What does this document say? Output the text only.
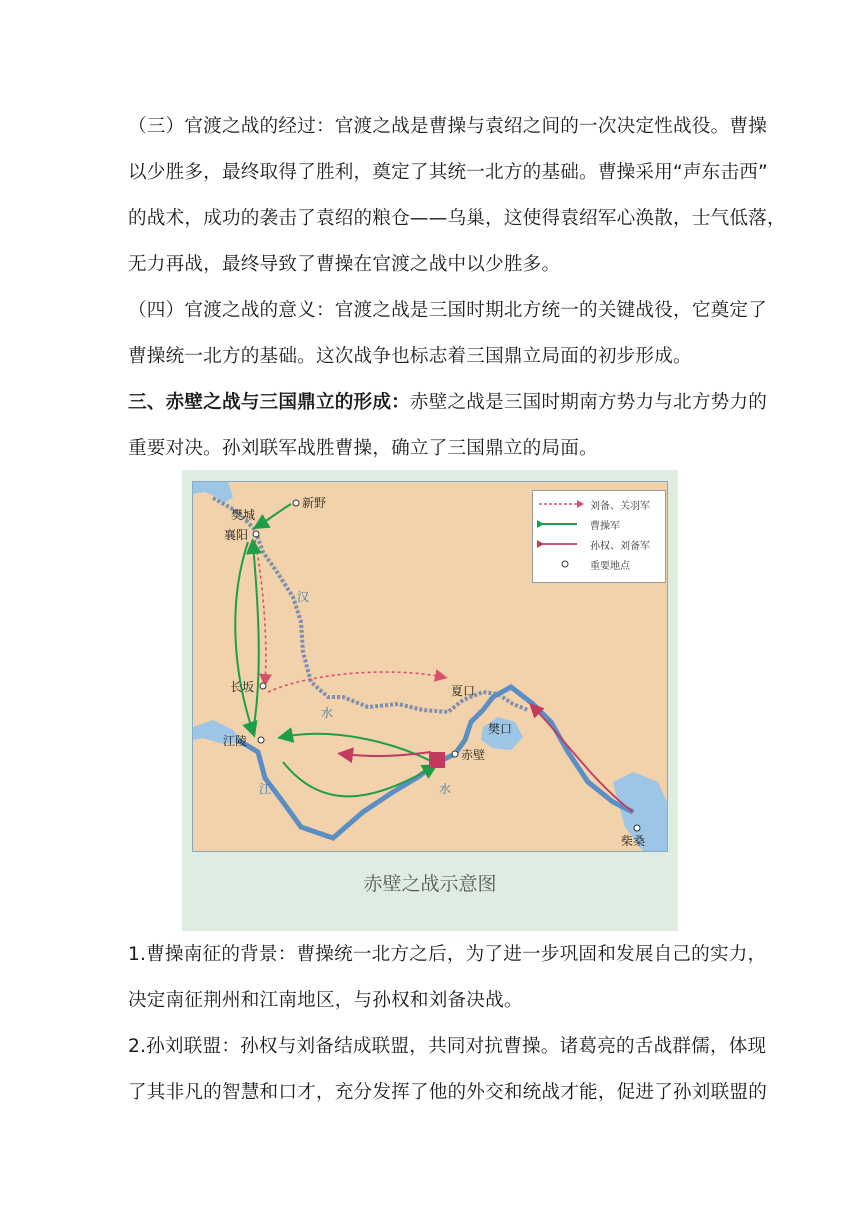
（三）官渡之战的经过：官渡之战是曹操与袁绍之间的一次决定性战役。曹操
以少胜多，最终取得了胜利，奠定了其统一北方的基础。曹操采用“声东击西”
的战术，成功的袭击了袁绍的粮仓——乌巢，这使得袁绍军心涣散，士气低落，
无力再战，最终导致了曹操在官渡之战中以少胜多。

（四）官渡之战的意义：官渡之战是三国时期北方统一的关键战役，它奠定了
曹操统一北方的基础。这次战争也标志着三国鼎立局面的初步形成。

三、赤壁之战与三国鼎立的形成：赤壁之战是三国时期南方势力与北方势力的
重要对决。孙刘联军战胜曹操，确立了三国鼎立的局面。

刘备、关羽军
曹操军
孙权、刘备军
重要地点
新野
樊城
襄阳
长坂
江陵
夏口
樊口
赤壁
柴桑
汉
水
江	水
赤壁之战示意图

1.曹操南征的背景：曹操统一北方之后，为了进一步巩固和发展自己的实力，
决定南征荆州和江南地区，与孙权和刘备决战。

2.孙刘联盟：孙权与刘备结成联盟，共同对抗曹操。诸葛亮的舌战群儒，体现
了其非凡的智慧和口才，充分发挥了他的外交和统战才能，促进了孙刘联盟的
